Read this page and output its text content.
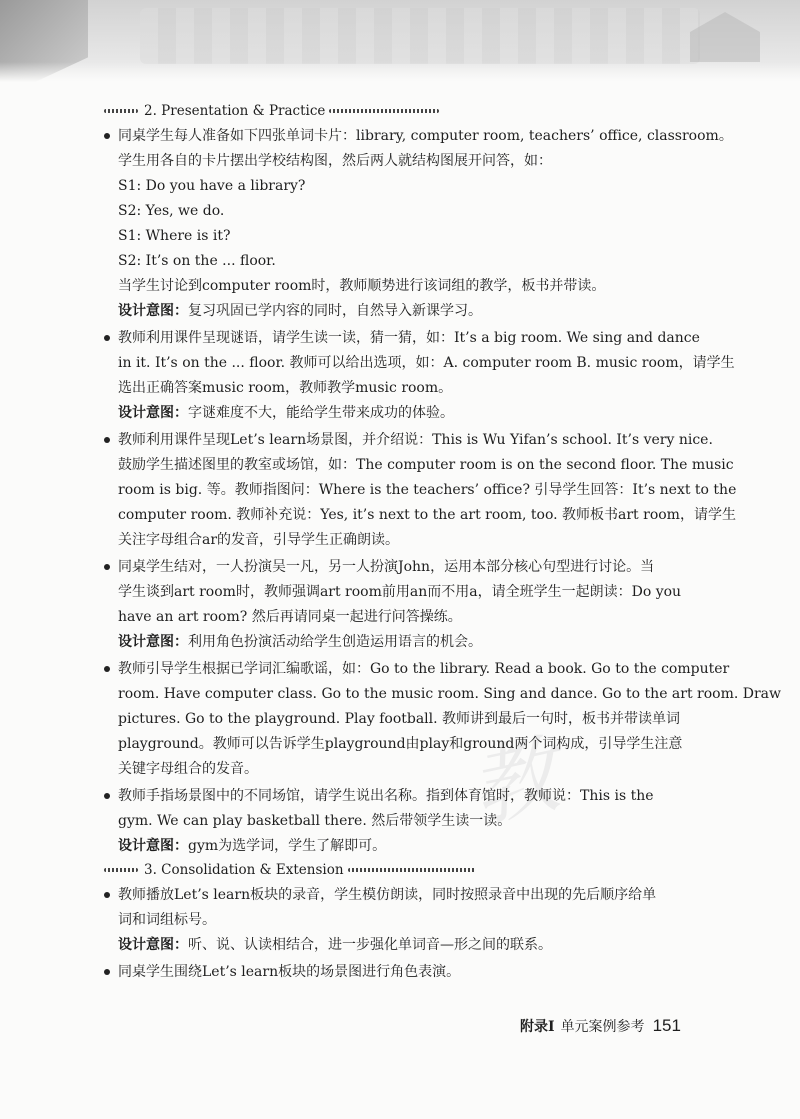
教
2. Presentation & Practice
同桌学生每人准备如下四张单词卡片：library, computer room, teachers’ office, classroom。
学生用各自的卡片摆出学校结构图，然后两人就结构图展开问答，如：
S1: Do you have a library?
S2: Yes, we do.
S1: Where is it?
S2: It’s on the ... floor.
当学生讨论到computer room时，教师顺势进行该词组的教学，板书并带读。
设计意图：复习巩固已学内容的同时，自然导入新课学习。
教师利用课件呈现谜语，请学生读一读，猜一猜，如：It’s a big room. We sing and dance
in it. It’s on the ... floor. 教师可以给出选项，如：A. computer room B. music room，请学生
选出正确答案music room，教师教学music room。
设计意图：字谜难度不大，能给学生带来成功的体验。
教师利用课件呈现Let’s learn场景图，并介绍说：This is Wu Yifan’s school. It’s very nice.
鼓励学生描述图里的教室或场馆，如：The computer room is on the second floor. The music
room is big. 等。教师指图问：Where is the teachers’ office? 引导学生回答：It’s next to the
computer room. 教师补充说：Yes, it’s next to the art room, too. 教师板书art room，请学生
关注字母组合ar的发音，引导学生正确朗读。
同桌学生结对，一人扮演吴一凡，另一人扮演John，运用本部分核心句型进行讨论。当
学生谈到art room时，教师强调art room前用an而不用a，请全班学生一起朗读：Do you
have an art room? 然后再请同桌一起进行问答操练。
设计意图：利用角色扮演活动给学生创造运用语言的机会。
教师引导学生根据已学词汇编歌谣，如：Go to the library. Read a book. Go to the computer
room. Have computer class. Go to the music room. Sing and dance. Go to the art room. Draw
pictures. Go to the playground. Play football. 教师讲到最后一句时，板书并带读单词
playground。教师可以告诉学生playground由play和ground两个词构成，引导学生注意
关键字母组合的发音。
教师手指场景图中的不同场馆，请学生说出名称。指到体育馆时，教师说：This is the
gym. We can play basketball there. 然后带领学生读一读。
设计意图：gym为选学词，学生了解即可。
3. Consolidation & Extension
教师播放Let’s learn板块的录音，学生模仿朗读，同时按照录音中出现的先后顺序给单
词和词组标号。
设计意图：听、说、认读相结合，进一步强化单词音—形之间的联系。
同桌学生围绕Let’s learn板块的场景图进行角色表演。
附录Ⅰ 单元案例参考 151
